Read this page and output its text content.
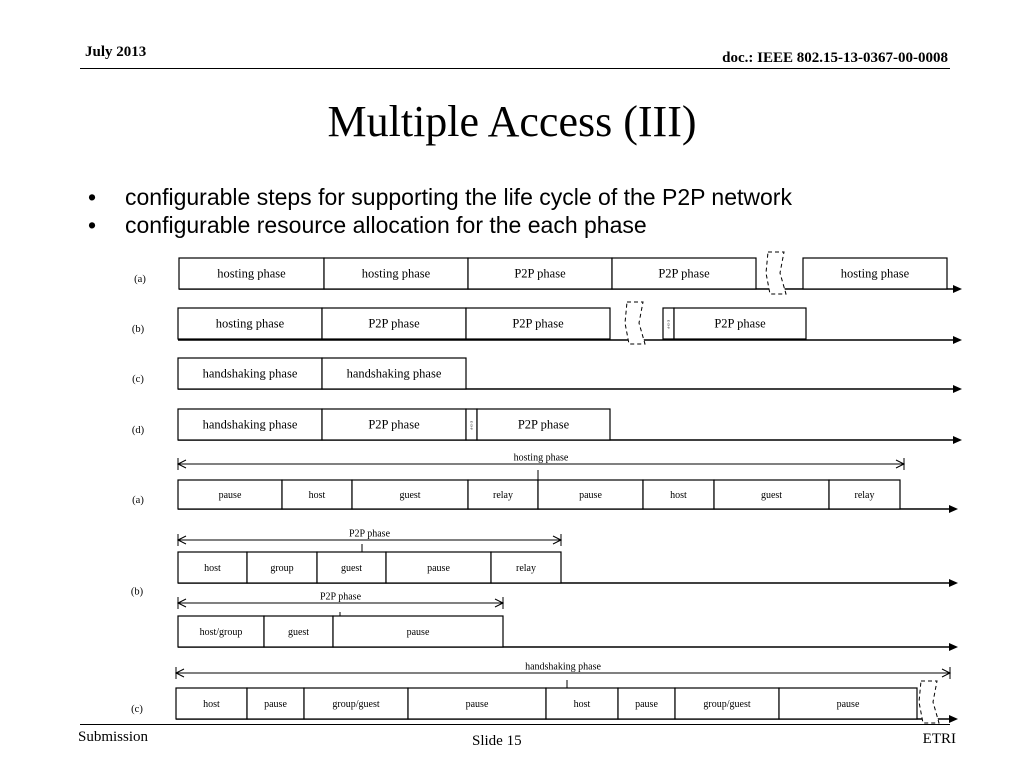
July 2013	doc.: IEEE 802.15-13-0367-00-0008
Multiple Access (III)
• configurable steps for supporting the life cycle of the P2P network
• configurable resource allocation for the each phase
(a)	hosting phase	hosting phase	P2P phase	P2P phase	hosting phase
(b)	hosting phase	P2P phase	P2P phase	E·D·P	P2P phase
(c)	handshaking phase	handshaking phase
(d)	handshaking phase	P2P phase	E·D·P	P2P phase
(a)
hosting phase
pause	host	guest	relay	pause	host	guest	relay
P2P phase
host	group	guest	pause	relay
(b)	P2P phase
host/group	guest	pause
(c)
handshaking phase
host	pause	group/guest	pause	host	pause	group/guest	pause
Submission	Slide 15	ETRI
